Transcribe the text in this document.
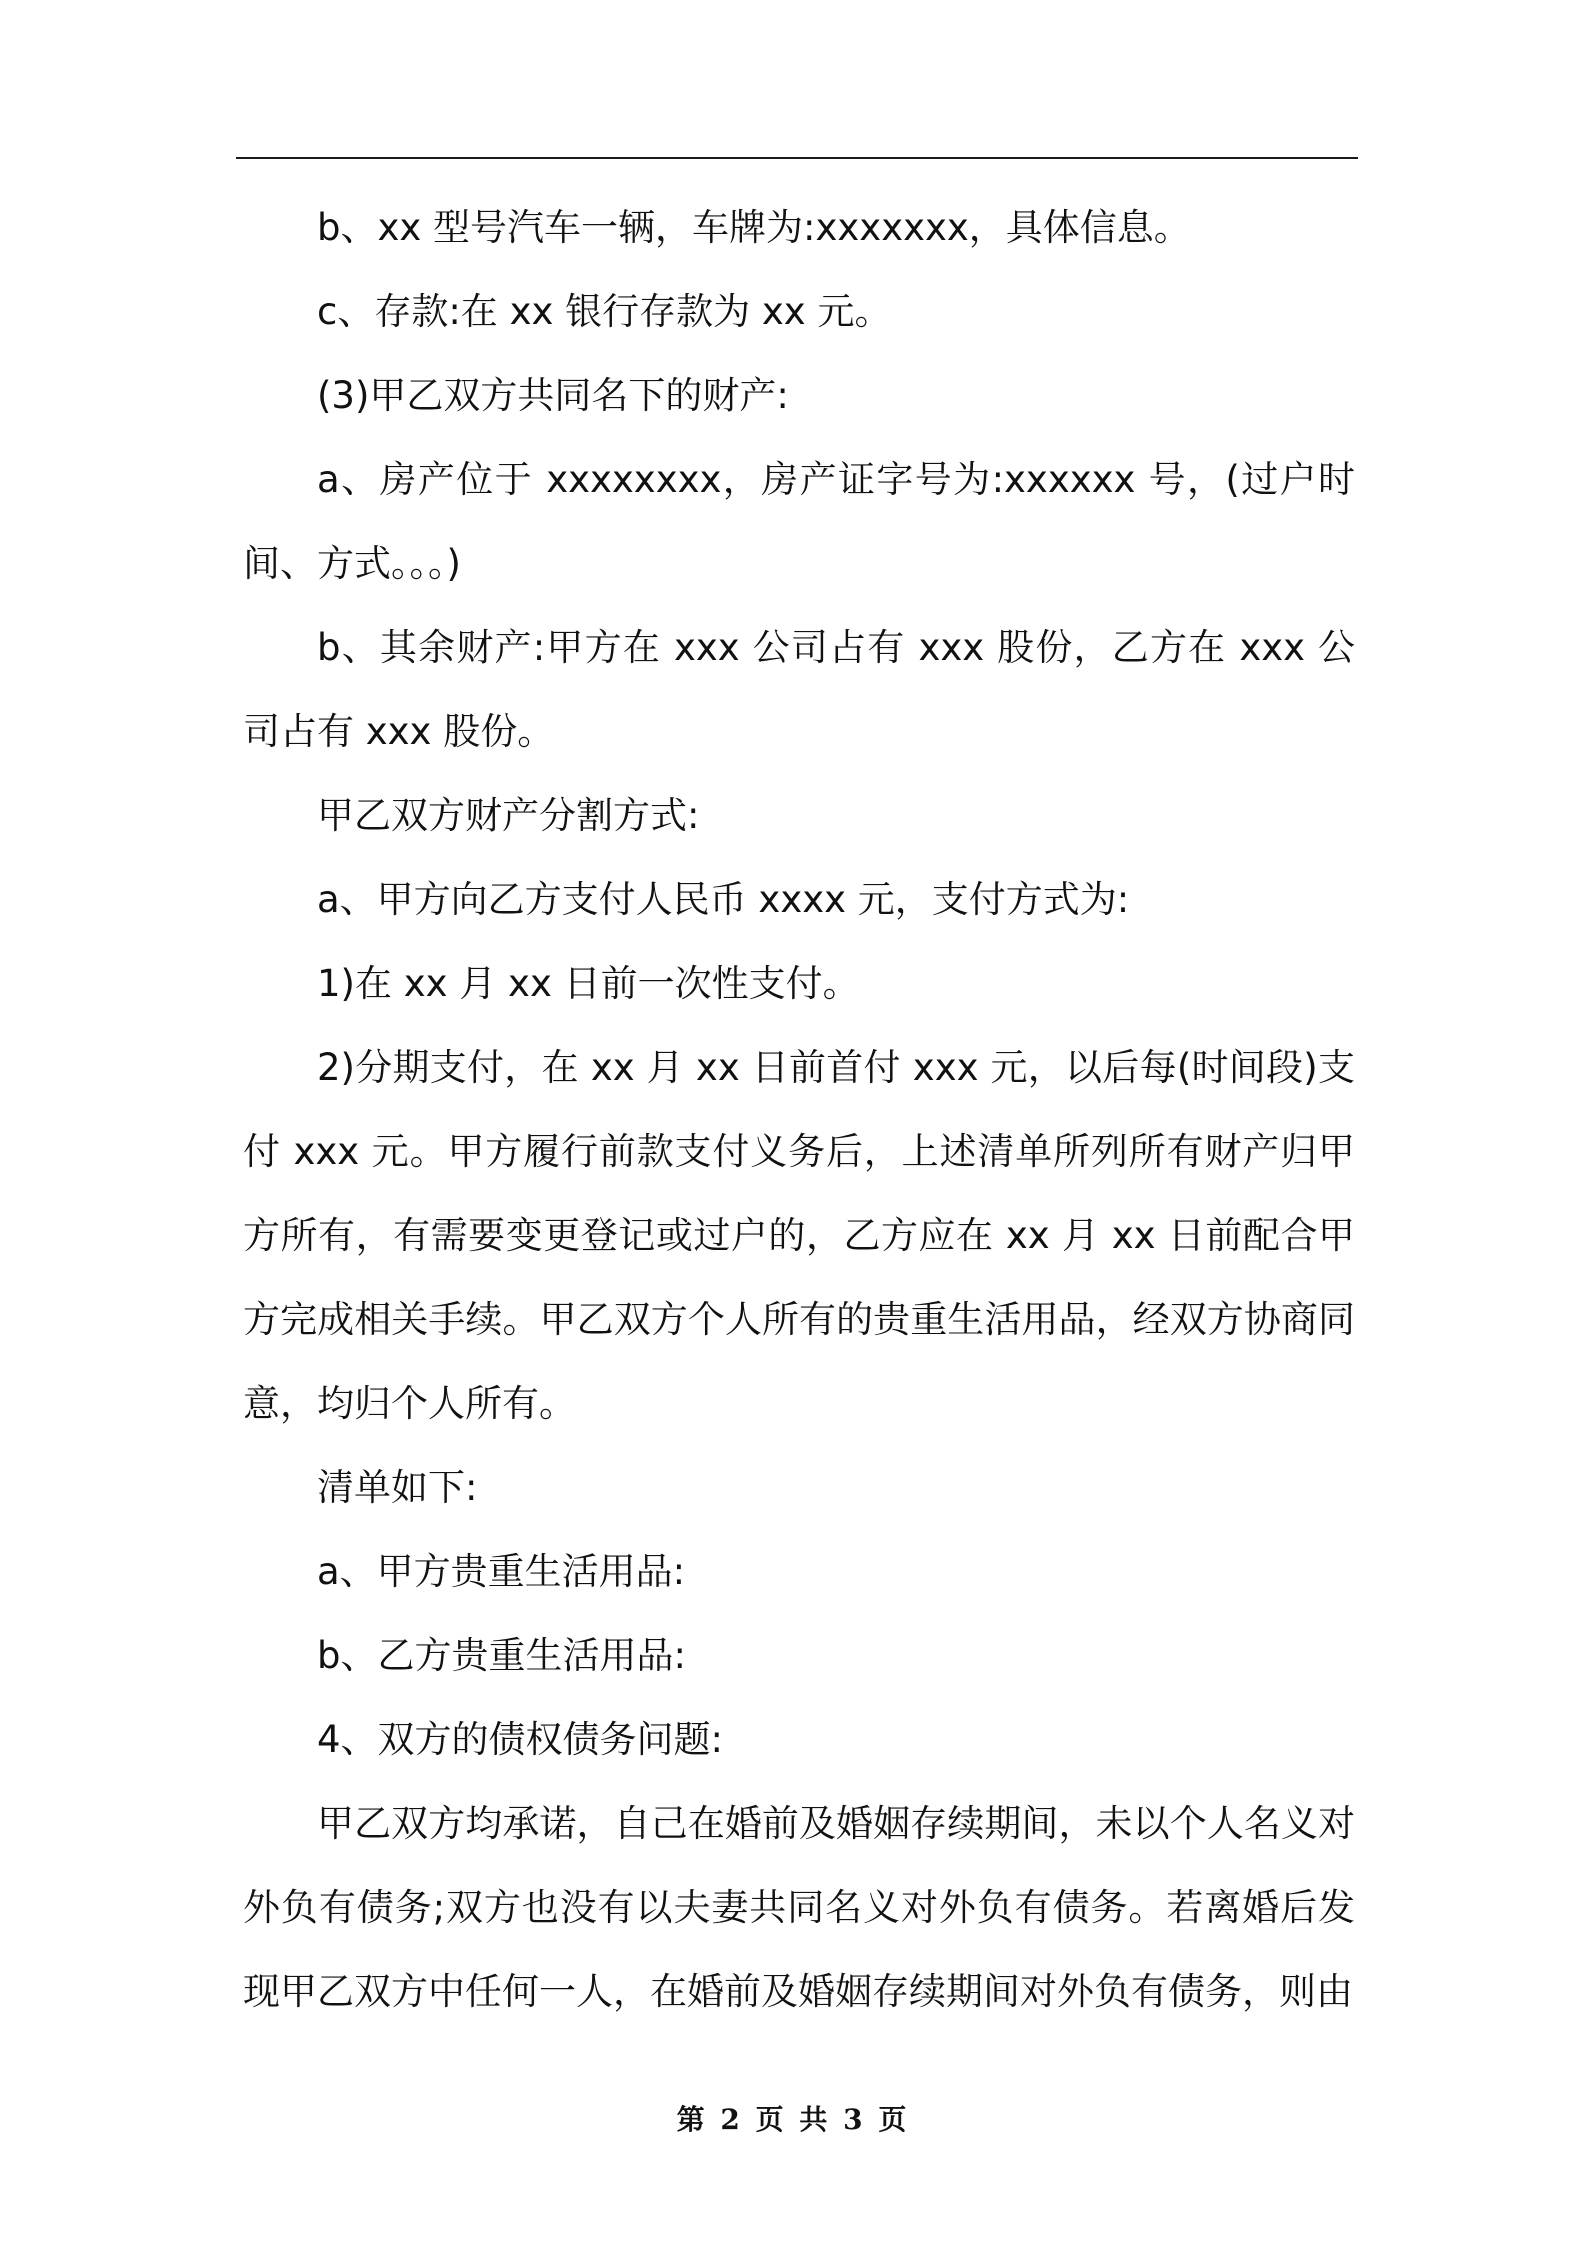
b、xx 型号汽车一辆，车牌为:xxxxxxx，具体信息。

c、存款:在 xx 银行存款为 xx 元。

(3)甲乙双方共同名下的财产:

a、房产位于 xxxxxxxx，房产证字号为:xxxxxx 号，(过户时间、方式。。。)

b、其余财产:甲方在 xxx 公司占有 xxx 股份，乙方在 xxx 公司占有 xxx 股份。

甲乙双方财产分割方式:

a、甲方向乙方支付人民币 xxxx 元，支付方式为:

1)在 xx 月 xx 日前一次性支付。

2)分期支付，在 xx 月 xx 日前首付 xxx 元，以后每(时间段)支付 xxx 元。甲方履行前款支付义务后，上述清单所列所有财产归甲方所有，有需要变更登记或过户的，乙方应在 xx 月 xx 日前配合甲方完成相关手续。甲乙双方个人所有的贵重生活用品，经双方协商同意，均归个人所有。

清单如下:

a、甲方贵重生活用品:

b、乙方贵重生活用品:

4、双方的债权债务问题:

甲乙双方均承诺，自己在婚前及婚姻存续期间，未以个人名义对外负有债务;双方也没有以夫妻共同名义对外负有债务。若离婚后发现甲乙双方中任何一人，在婚前及婚姻存续期间对外负有债务，则由

第 2 页 共 3 页
